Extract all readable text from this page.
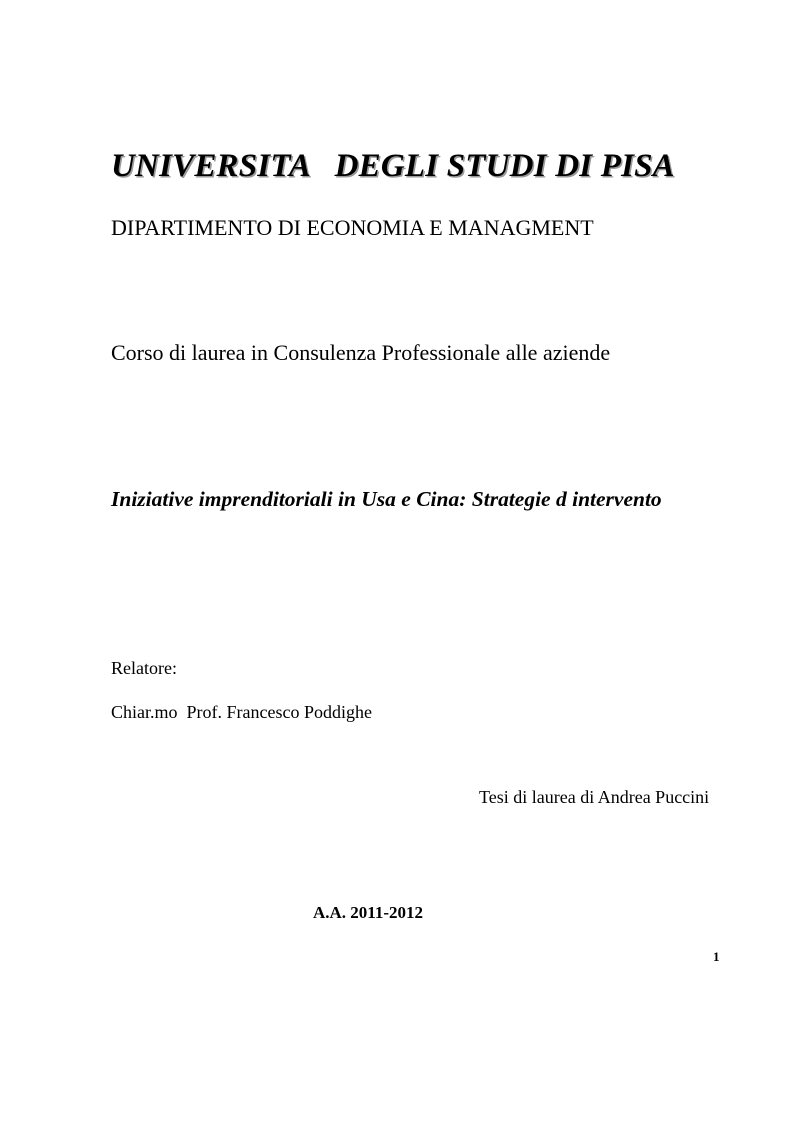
UNIVERSITA   DEGLI STUDI DI PISA
DIPARTIMENTO DI ECONOMIA E MANAGMENT
Corso di laurea in Consulenza Professionale alle aziende
Iniziative imprenditoriali in Usa e Cina: Strategie d intervento
Relatore:
Chiar.mo  Prof. Francesco Poddighe
Tesi di laurea di Andrea Puccini
A.A. 2011-2012
1
